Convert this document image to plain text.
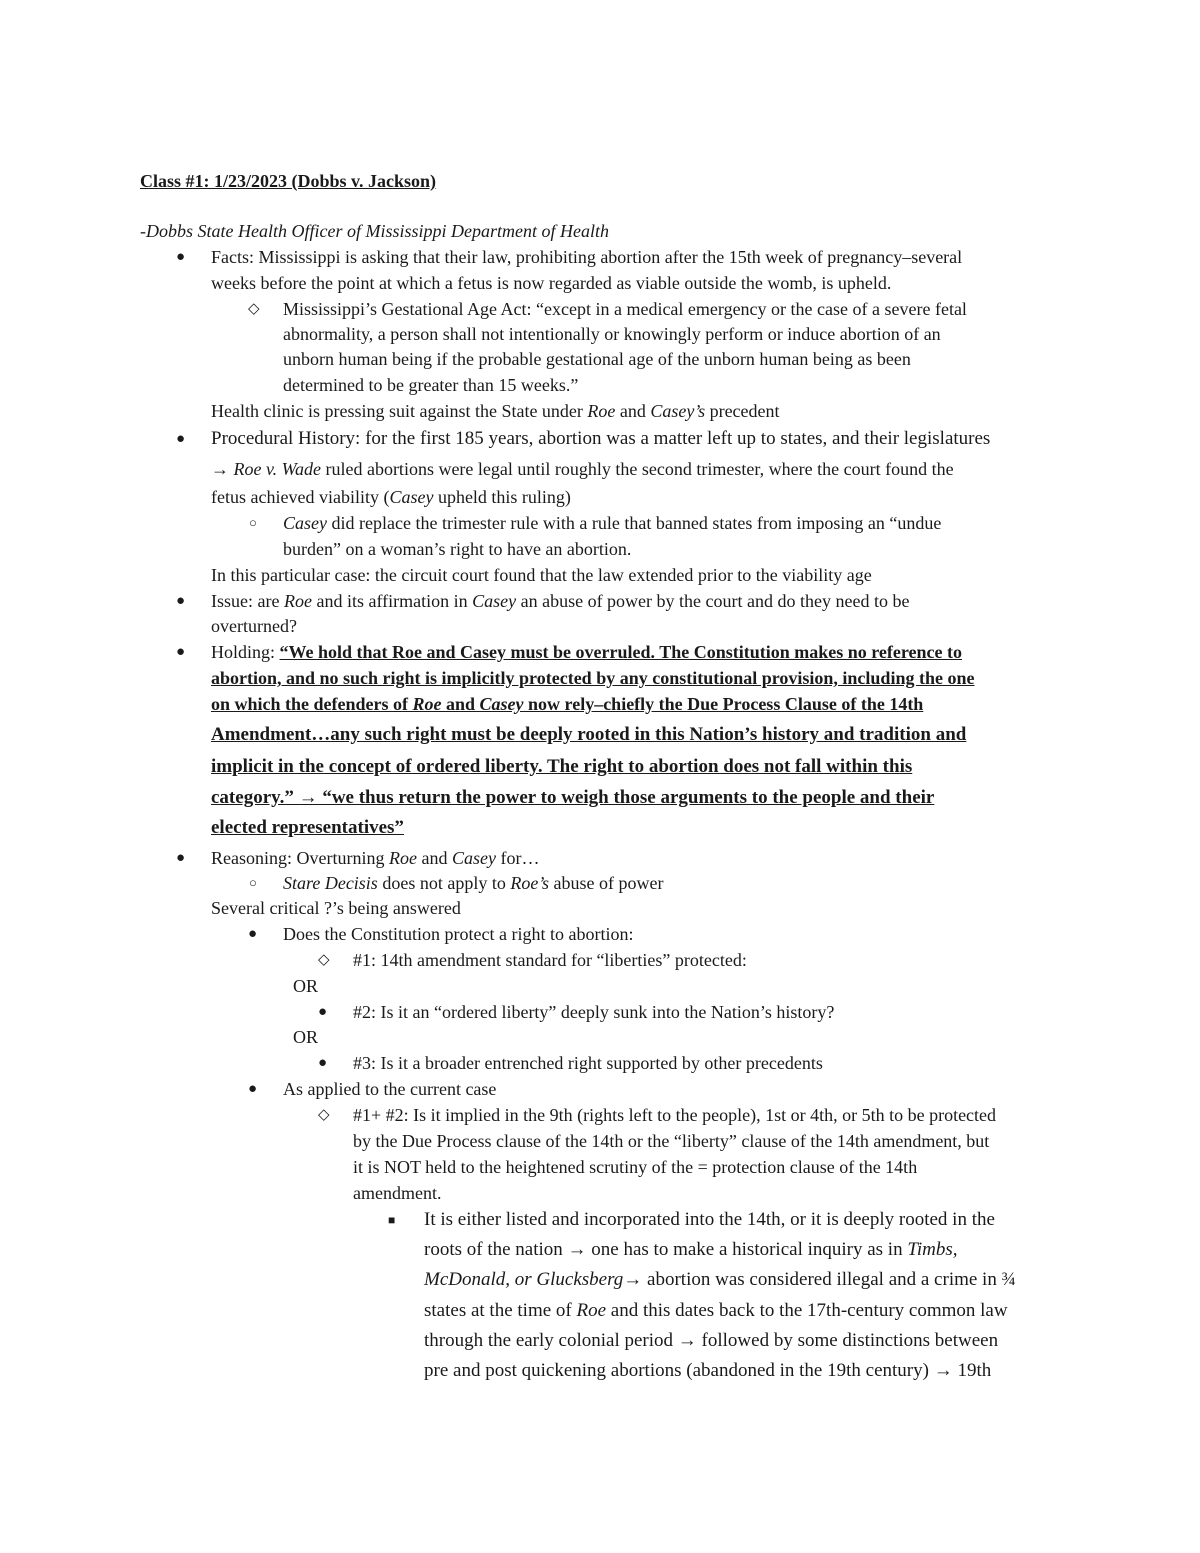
Class #1: 1/23/2023 (Dobbs v. Jackson)

-Dobbs State Health Officer of Mississippi Department of Health

● Facts: Mississippi is asking that their law, prohibiting abortion after the 15th week of pregnancy–several

weeks before the point at which a fetus is now regarded as viable outside the womb, is upheld.

◇ Mississippi’s Gestational Age Act: “except in a medical emergency or the case of a severe fetal

abnormality, a person shall not intentionally or knowingly perform or induce abortion of an

unborn human being if the probable gestational age of the unborn human being as been

determined to be greater than 15 weeks.”

Health clinic is pressing suit against the State under Roe and Casey’s precedent

● Procedural History: for the first 185 years, abortion was a matter left up to states, and their legislatures

→ Roe v. Wade ruled abortions were legal until roughly the second trimester, where the court found the

fetus achieved viability (Casey upheld this ruling)

○ Casey did replace the trimester rule with a rule that banned states from imposing an “undue

burden” on a woman’s right to have an abortion.

In this particular case: the circuit court found that the law extended prior to the viability age

● Issue: are Roe and its affirmation in Casey an abuse of power by the court and do they need to be

overturned?

● Holding: “We hold that Roe and Casey must be overruled. The Constitution makes no reference to

abortion, and no such right is implicitly protected by any constitutional provision, including the one

on which the defenders of Roe and Casey now rely–chiefly the Due Process Clause of the 14th

Amendment…any such right must be deeply rooted in this Nation’s history and tradition and

implicit in the concept of ordered liberty. The right to abortion does not fall within this

category.” → “we thus return the power to weigh those arguments to the people and their

elected representatives”

● Reasoning: Overturning Roe and Casey for…

○ Stare Decisis does not apply to Roe’s abuse of power

Several critical ?’s being answered

● Does the Constitution protect a right to abortion:

◇ #1: 14th amendment standard for “liberties” protected:

OR

● #2: Is it an “ordered liberty” deeply sunk into the Nation’s history?

OR

● #3: Is it a broader entrenched right supported by other precedents

● As applied to the current case

◇ #1+ #2: Is it implied in the 9th (rights left to the people), 1st or 4th, or 5th to be protected

by the Due Process clause of the 14th or the “liberty” clause of the 14th amendment, but

it is NOT held to the heightened scrutiny of the = protection clause of the 14th

amendment.

■ It is either listed and incorporated into the 14th, or it is deeply rooted in the

roots of the nation → one has to make a historical inquiry as in Timbs,

McDonald, or Glucksberg→ abortion was considered illegal and a crime in ¾

states at the time of Roe and this dates back to the 17th-century common law

through the early colonial period → followed by some distinctions between

pre and post quickening abortions (abandoned in the 19th century) → 19th
